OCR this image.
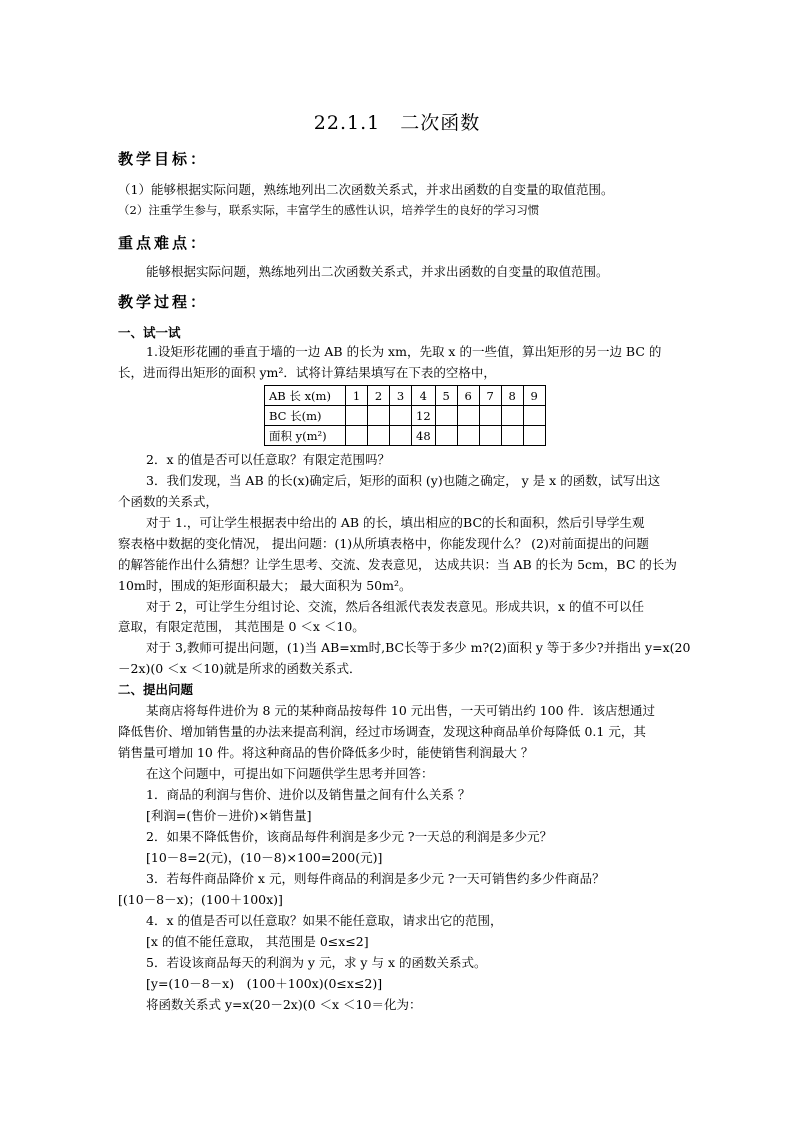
22.1.1　二次函数
教学目标：
（1）能够根据实际问题，熟练地列出二次函数关系式，并求出函数的自变量的取值范围。
（2）注重学生参与，联系实际，丰富学生的感性认识，培养学生的良好的学习习惯
重点难点：
能够根据实际问题，熟练地列出二次函数关系式，并求出函数的自变量的取值范围。
教学过程：
一、试一试
1.设矩形花圃的垂直于墙的一边 AB 的长为 xm，先取 x 的一些值，算出矩形的另一边 BC 的
长，进而得出矩形的面积 ym²．试将计算结果填写在下表的空格中，
AB 长 x(m)	1	2	3	4	5	6	7	8	9
BC 长(m)				12					
面积 y(m²)				48					
2．x 的值是否可以任意取？有限定范围吗？
3．我们发现，当 AB 的长(x)确定后，矩形的面积 (y)也随之确定， y 是 x 的函数，试写出这
个函数的关系式，
对于 1.，可让学生根据表中给出的 AB 的长，填出相应的BC的长和面积，然后引导学生观
察表格中数据的变化情况， 提出问题：(1)从所填表格中，你能发现什么？ (2)对前面提出的问题
的解答能作出什么猜想？让学生思考、交流、发表意见， 达成共识：当 AB 的长为 5cm，BC 的长为
10m时，围成的矩形面积最大； 最大面积为 50m²。
对于 2，可让学生分组讨论、交流，然后各组派代表发表意见。形成共识，x 的值不可以任
意取，有限定范围， 其范围是 0 ＜x ＜10。
对于 3,教师可提出问题，(1)当 AB=xm时,BC长等于多少 m?(2)面积 y 等于多少?并指出 y=x(20
－2x)(0 ＜x ＜10)就是所求的函数关系式．
二、提出问题
某商店将每件进价为 8 元的某种商品按每件 10 元出售，一天可销出约 100 件．该店想通过
降低售价、增加销售量的办法来提高利润，经过市场调查，发现这种商品单价每降低 0.1 元，其
销售量可增加 10 件。将这种商品的售价降低多少时，能使销售利润最大 ？
在这个问题中，可提出如下问题供学生思考并回答：
1．商品的利润与售价、进价以及销售量之间有什么关系 ？
[利润=(售价－进价)×销售量]
2．如果不降低售价，该商品每件利润是多少元 ?一天总的利润是多少元？
[10－8=2(元)，(10－8)×100=200(元)]
3．若每件商品降价 x 元，则每件商品的利润是多少元 ?一天可销售约多少件商品？
[(10－8－x)；(100＋100x)]
4．x 的值是否可以任意取？如果不能任意取，请求出它的范围，
[x 的值不能任意取， 其范围是 0≤x≤2]
5．若设该商品每天的利润为 y 元，求 y 与 x 的函数关系式。
[y=(10－8－x)　(100＋100x)(0≤x≤2)]
将函数关系式 y=x(20－2x)(0 ＜x ＜10＝化为：
